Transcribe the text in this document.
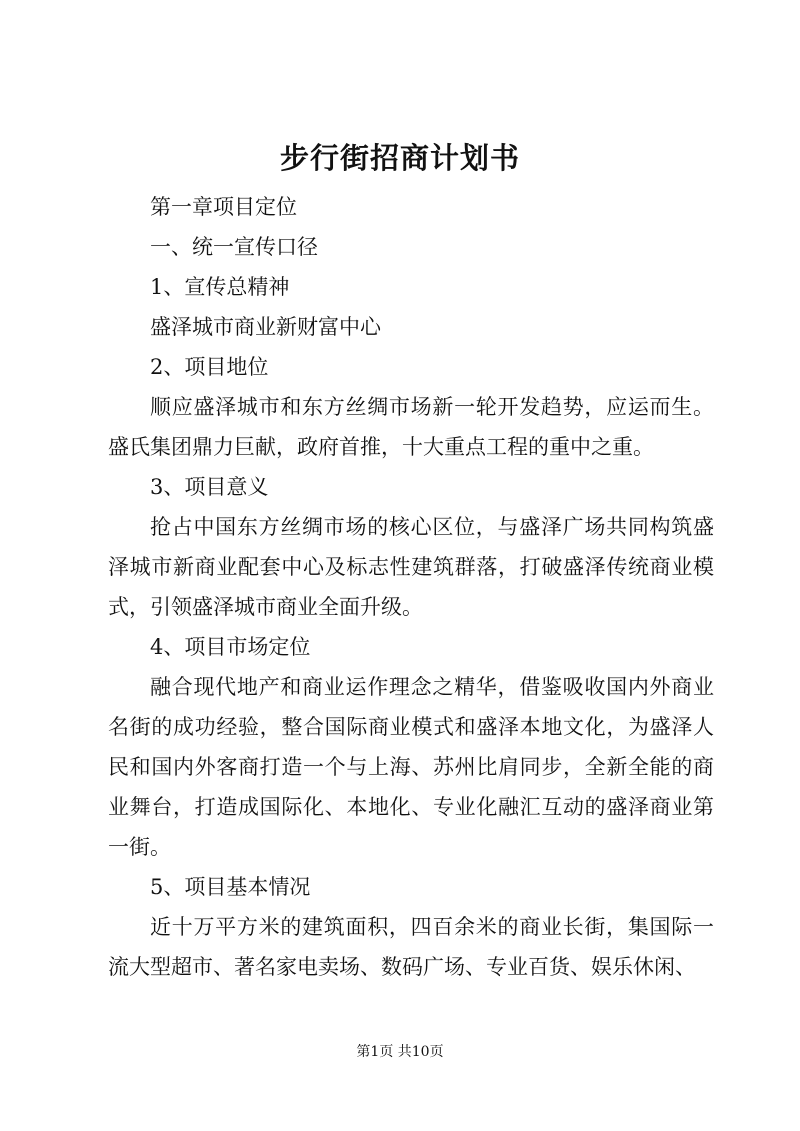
步行街招商计划书

第一章项目定位

一、统一宣传口径

1、宣传总精神

盛泽城市商业新财富中心

2、项目地位

顺应盛泽城市和东方丝绸市场新一轮开发趋势，应运而生。盛氏集团鼎力巨献，政府首推，十大重点工程的重中之重。

3、项目意义

抢占中国东方丝绸市场的核心区位，与盛泽广场共同构筑盛泽城市新商业配套中心及标志性建筑群落，打破盛泽传统商业模式，引领盛泽城市商业全面升级。

4、项目市场定位

融合现代地产和商业运作理念之精华，借鉴吸收国内外商业名街的成功经验，整合国际商业模式和盛泽本地文化，为盛泽人民和国内外客商打造一个与上海、苏州比肩同步，全新全能的商业舞台，打造成国际化、本地化、专业化融汇互动的盛泽商业第一街。

5、项目基本情况

近十万平方米的建筑面积，四百余米的商业长街，集国际一流大型超市、著名家电卖场、数码广场、专业百货、娱乐休闲、

第1页 共10页
